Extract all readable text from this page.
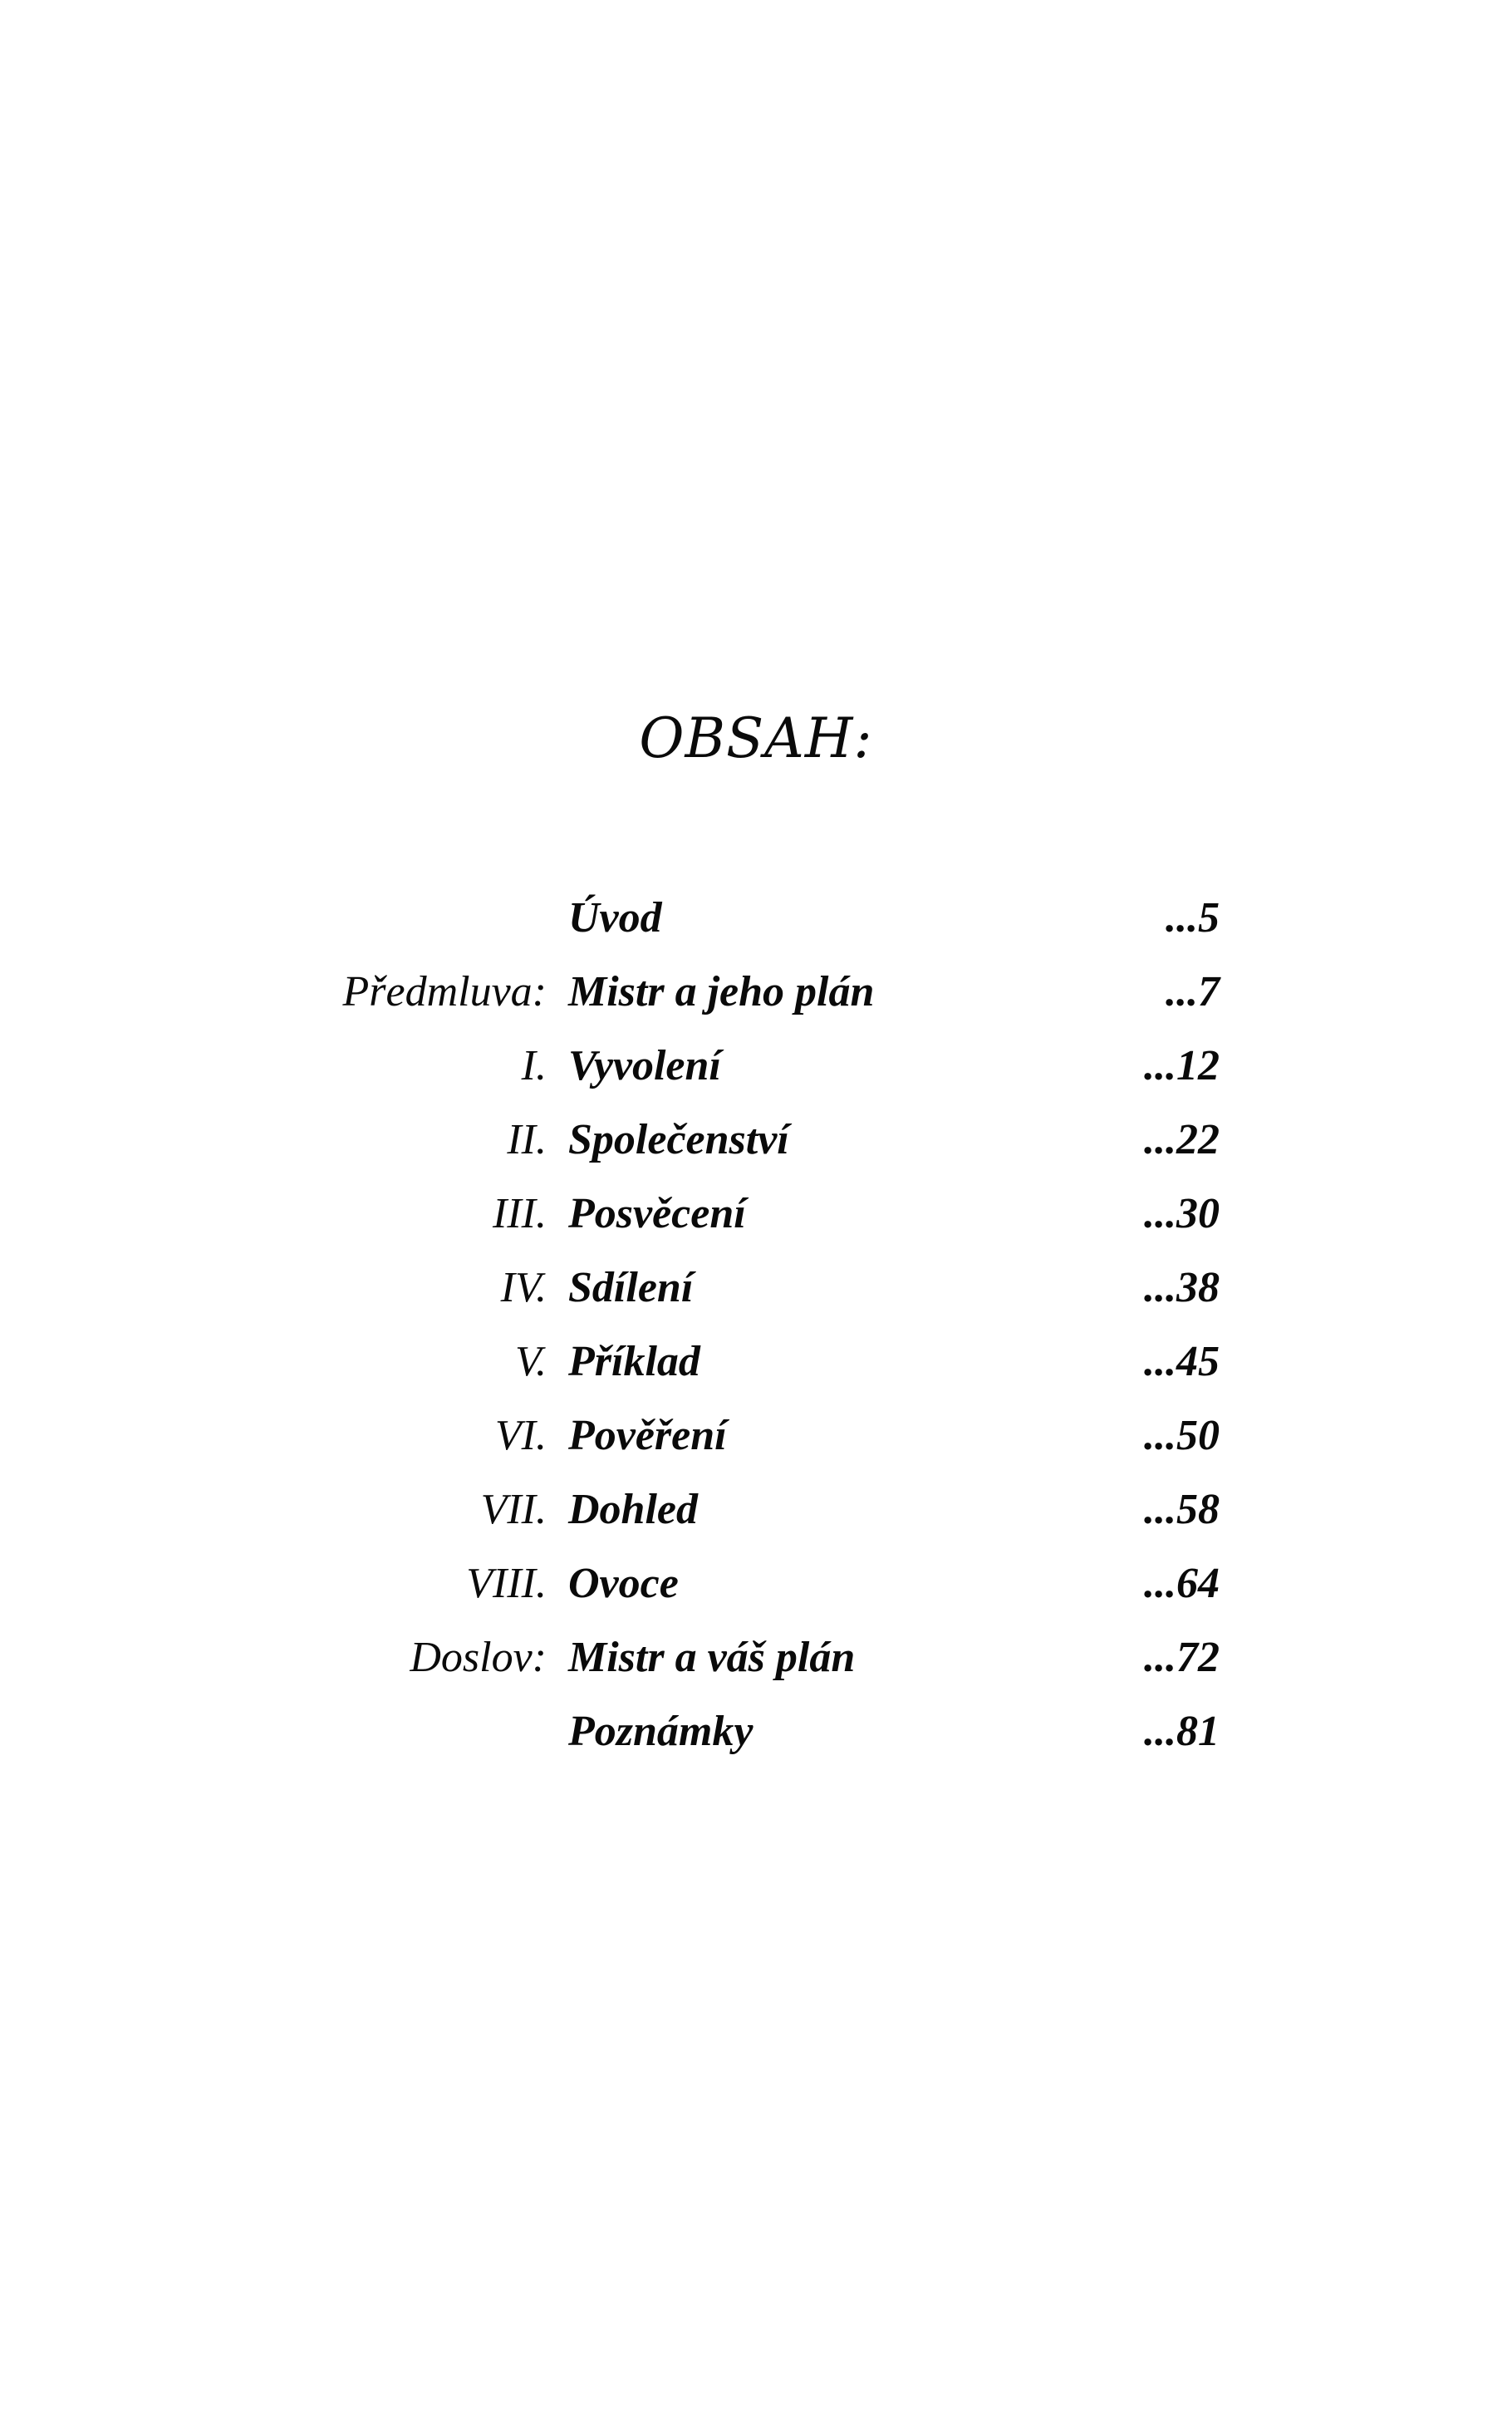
OBSAH:
Úvod	...5
Předmluva: Mistr a jeho plán	...7
I. Vyvolení	...12
II. Společenství	...22
III. Posvěcení	...30
IV. Sdílení	...38
V. Příklad	...45
VI. Pověření	...50
VII. Dohled	...58
VIII. Ovoce	...64
Doslov: Mistr a váš plán	...72
Poznámky	...81
